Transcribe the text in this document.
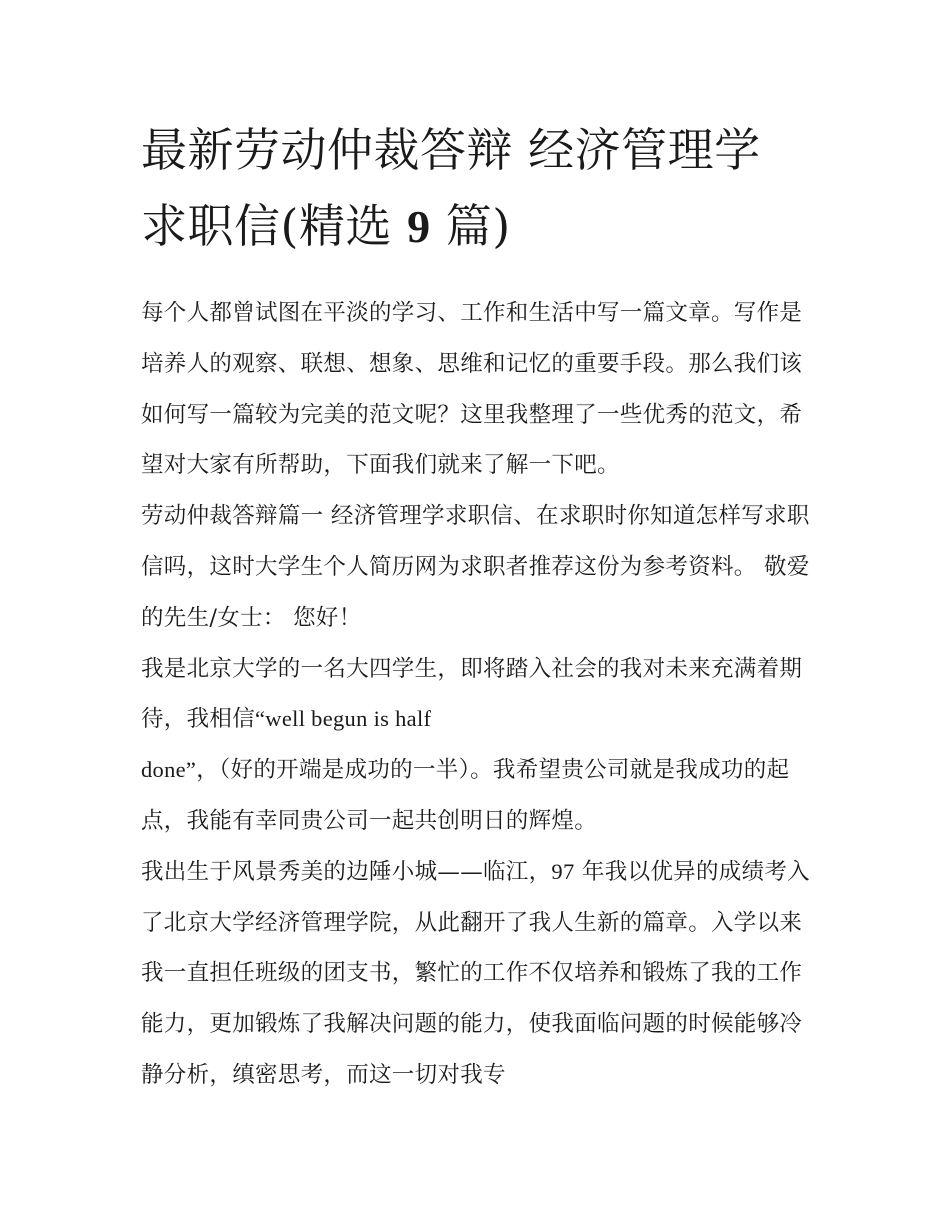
最新劳动仲裁答辩 经济管理学
求职信(精选 9 篇)

每个人都曾试图在平淡的学习、工作和生活中写一篇文章。写作是培养人的观察、联想、想象、思维和记忆的重要手段。那么我们该如何写一篇较为完美的范文呢？这里我整理了一些优秀的范文，希望对大家有所帮助，下面我们就来了解一下吧。

劳动仲裁答辩篇一 经济管理学求职信、在求职时你知道怎样写求职信吗，这时大学生个人简历网为求职者推荐这份为参考资料。 敬爱的先生/女士： 您好！

我是北京大学的一名大四学生，即将踏入社会的我对未来充满着期待，我相信“well begun is half
done”，（好的开端是成功的一半）。我希望贵公司就是我成功的起点，我能有幸同贵公司一起共创明日的辉煌。

我出生于风景秀美的边陲小城——临江，97 年我以优异的成绩考入了北京大学经济管理学院，从此翻开了我人生新的篇章。入学以来我一直担任班级的团支书，繁忙的工作不仅培养和锻炼了我的工作能力，更加锻炼了我解决问题的能力，使我面临问题的时候能够冷静分析，缜密思考，而这一切对我专
